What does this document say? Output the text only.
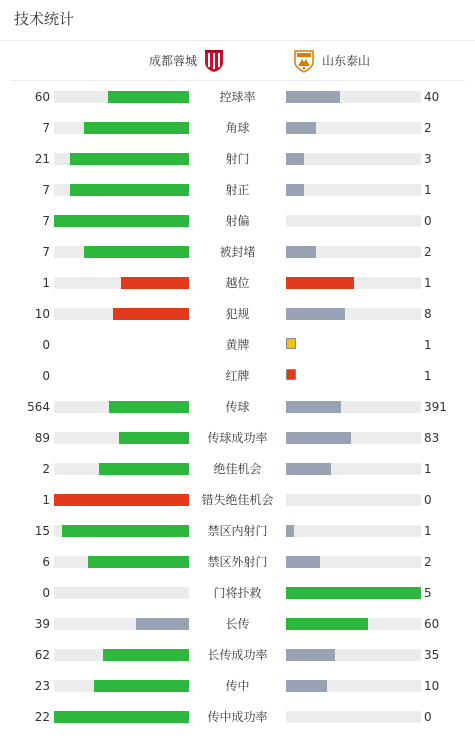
技术统计
成都蓉城	山东泰山
60	控球率	40
7	角球	2
21	射门	3
7	射正	1
7	射偏	0
7	被封堵	2
1	越位	1
10	犯规	8
0	黄牌	1
0	红牌	1
564	传球	391
89	传球成功率	83
2	绝佳机会	1
1	错失绝佳机会	0
15	禁区内射门	1
6	禁区外射门	2
0	门将扑救	5
39	长传	60
62	长传成功率	35
23	传中	10
22	传中成功率	0
